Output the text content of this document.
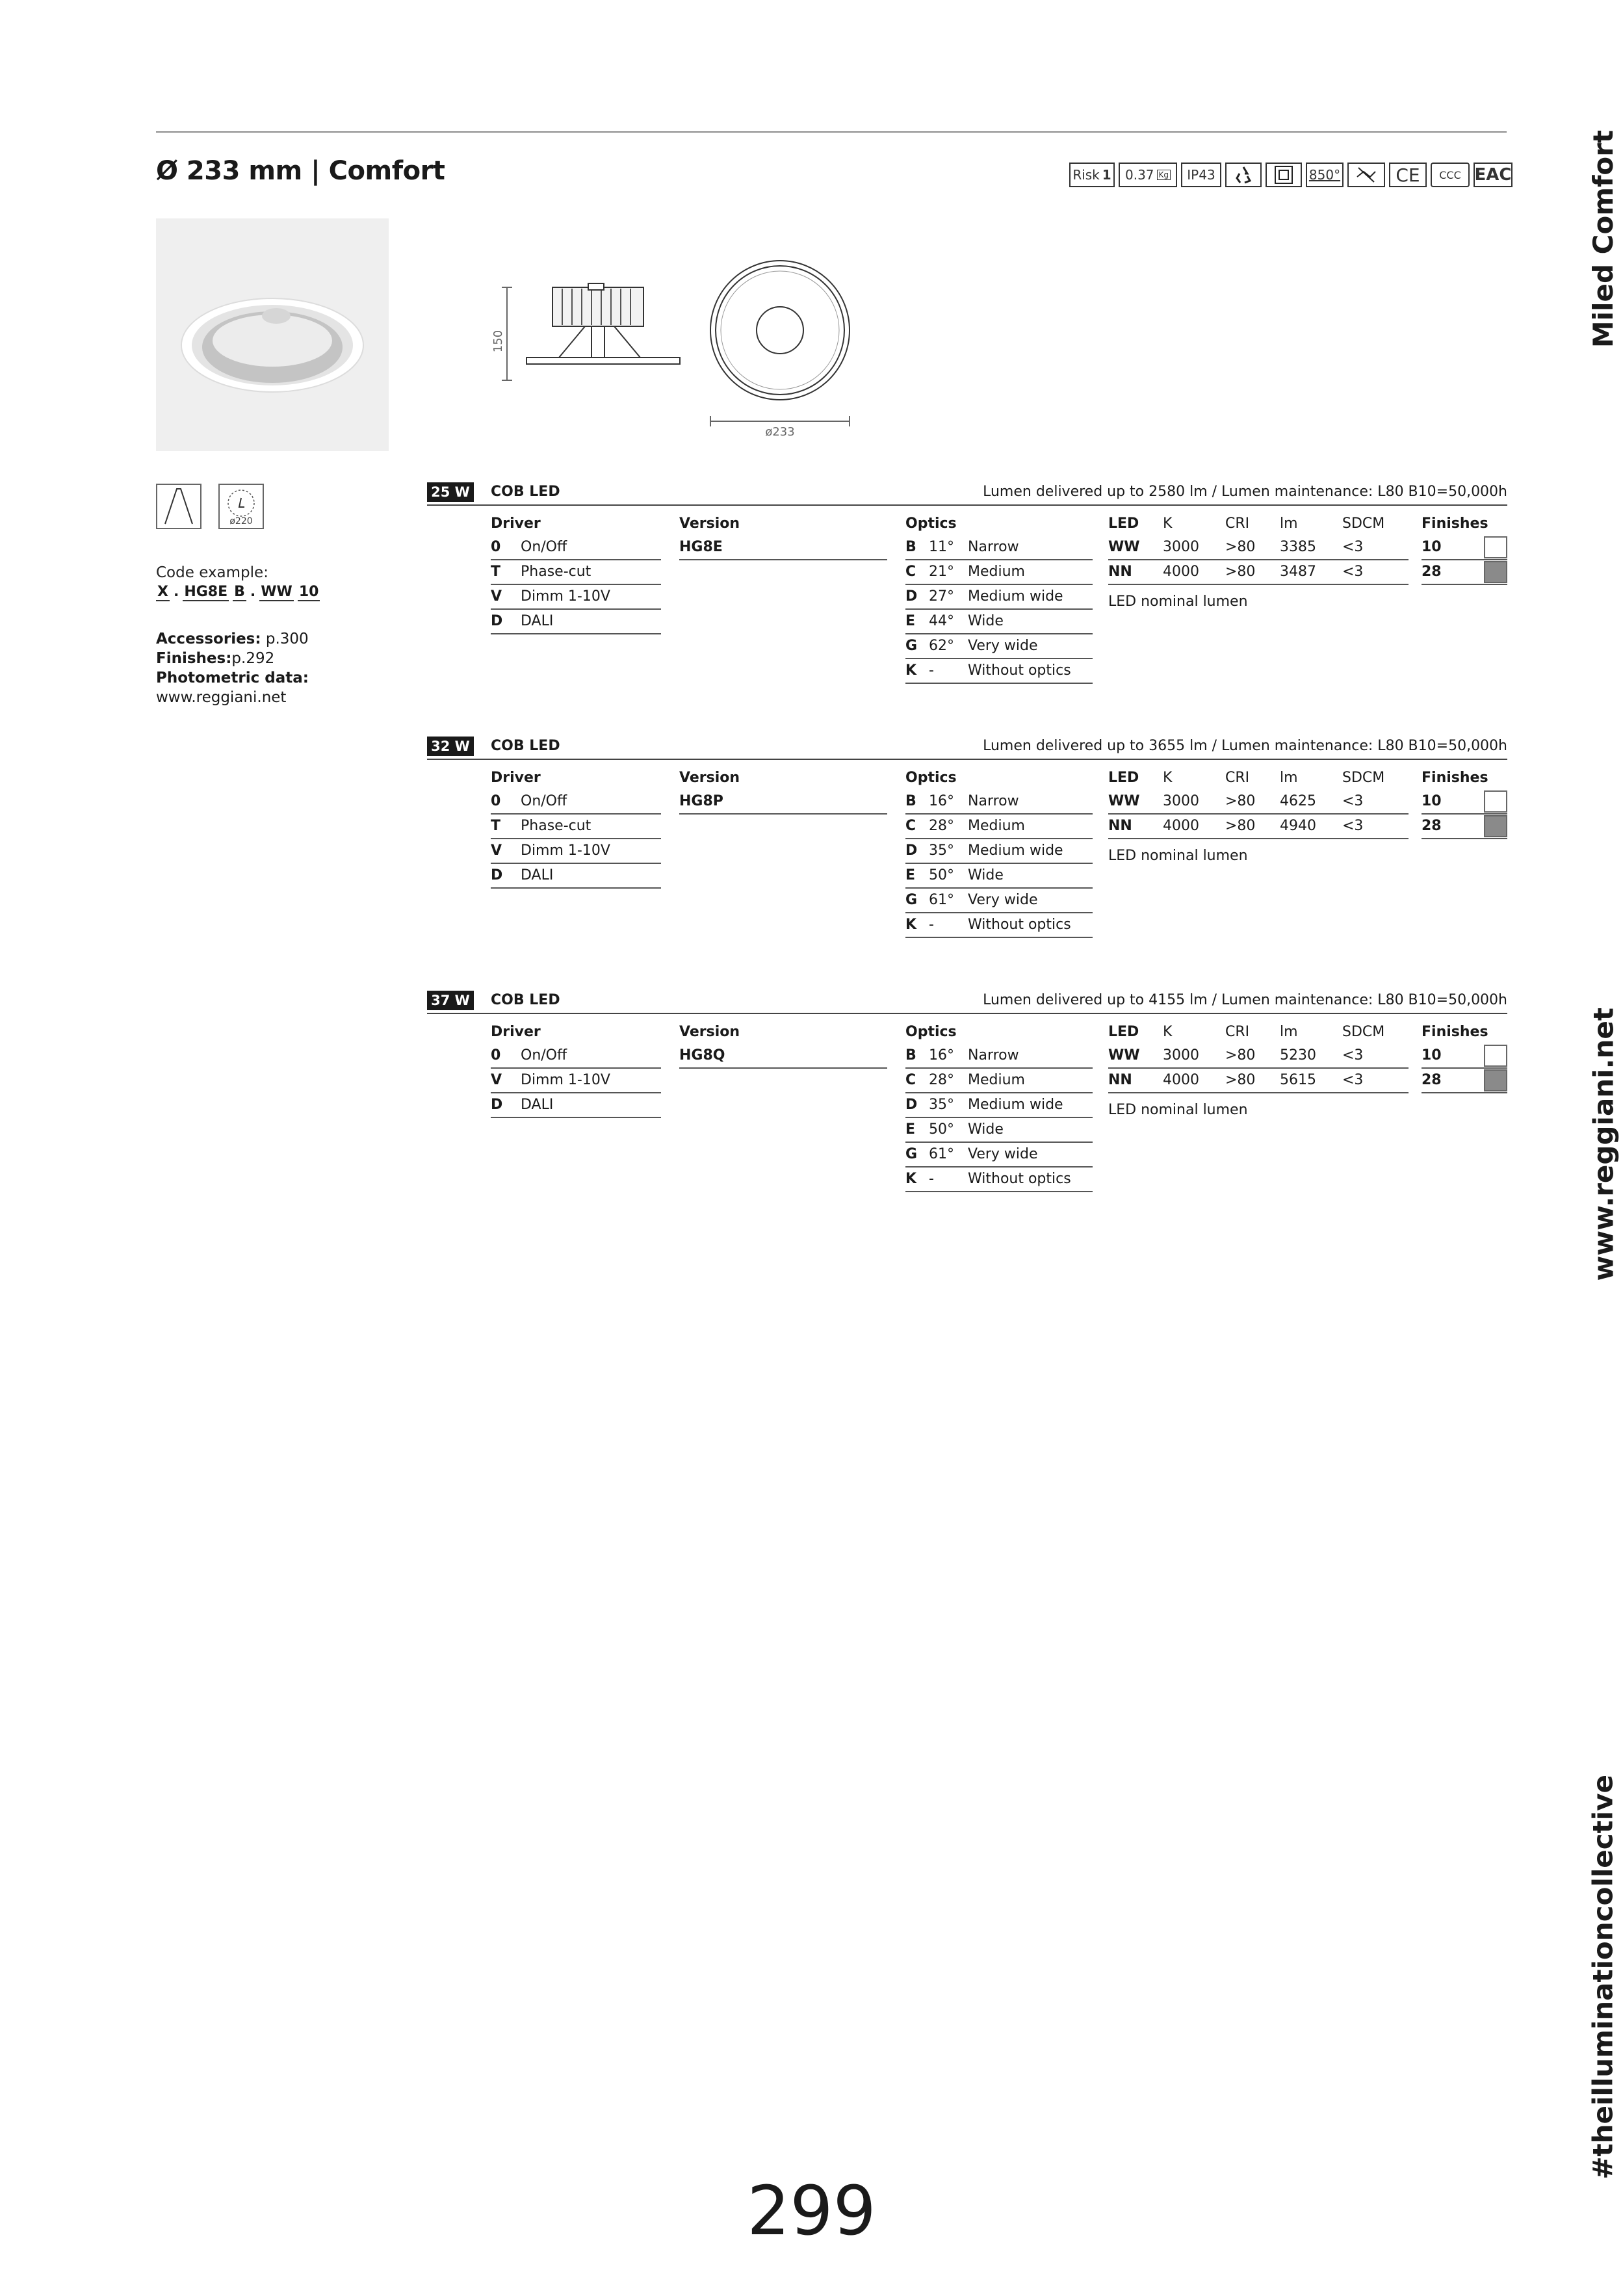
Ø 233 mm | Comfort	Risk 1 0.37 Kg	IP43	850°	CE	CCC EAC
150
ø233
ø220
Code example:
X . HG8E B . WW 10
Accessories: p.300
Finishes:p.292
Photometric data:
www.reggiani.net
25 W COB LED	Lumen delivered up to 2580 lm / Lumen maintenance: L80 B10=50,000h
Driver
0	On/Off
T	Phase-cut
V	Dimm 1-10V
D	DALI
Version
HG8E
Optics
B 11° Narrow
C 21° Medium
D 27° Medium wide
E 44° Wide
G 62° Very wide
K -	Without optics
LED K	CRI lm	SDCM
WW 3000 >80 3385 <3
NN 4000 >80 3487 <3
LED nominal lumen
Finishes
10
28
32 W COB LED	Lumen delivered up to 3655 lm / Lumen maintenance: L80 B10=50,000h
Driver
0	On/Off
T	Phase-cut
V	Dimm 1-10V
D	DALI
Version
HG8P
Optics
B 16° Narrow
C 28° Medium
D 35° Medium wide
E 50° Wide
G 61° Very wide
K -	Without optics
LED K	CRI lm	SDCM
WW 3000 >80 4625 <3
NN 4000 >80 4940 <3
LED nominal lumen
Finishes
10
28
37 W COB LED	Lumen delivered up to 4155 lm / Lumen maintenance: L80 B10=50,000h
Driver
0	On/Off
V	Dimm 1-10V
D	DALI
Version
HG8Q
Optics
B 16° Narrow
C 28° Medium
D 35° Medium wide
E 50° Wide
G 61° Very wide
K -	Without optics
LED K	CRI lm	SDCM
WW 3000 >80 5230 <3
NN 4000 >80 5615 <3
LED nominal lumen
Finishes
10
28
Miled Comfort
www.reggiani.net
#theilluminationcollective
299
